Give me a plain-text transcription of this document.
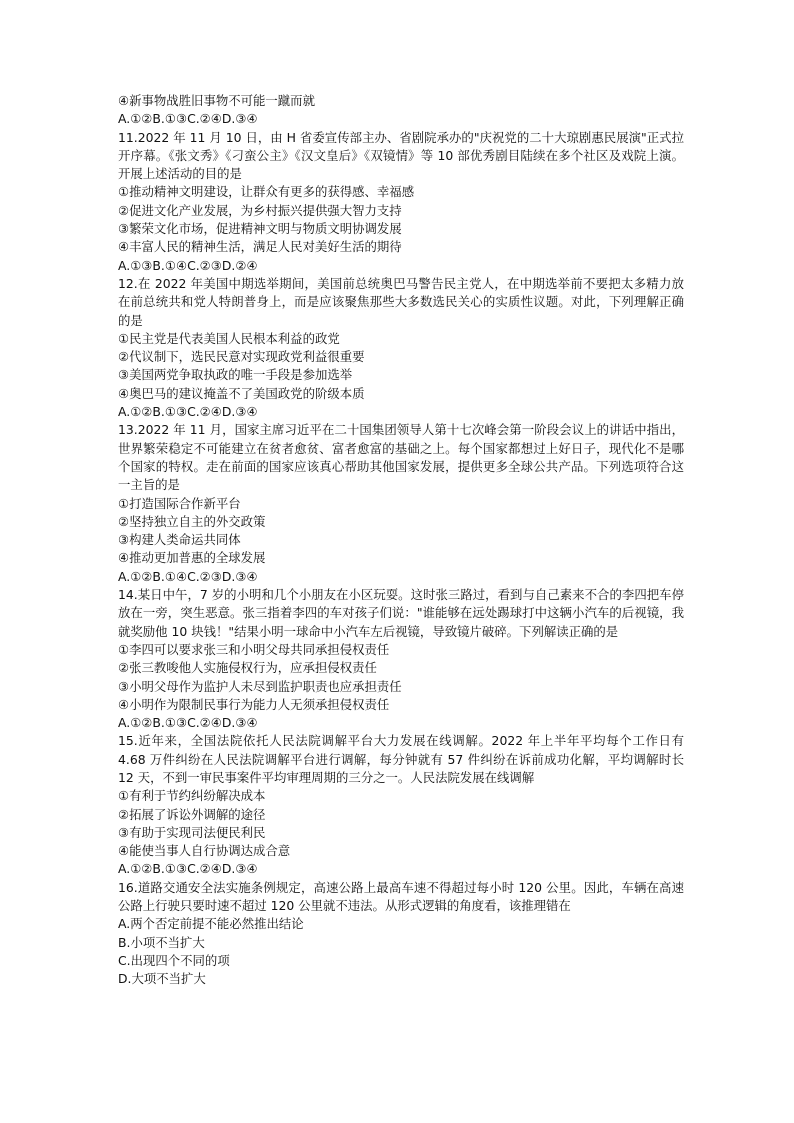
④新事物战胜旧事物不可能一蹴而就
A.①②B.①③C.②④D.③④
11.2022 年 11 月 10 日，由 H 省委宣传部主办、省剧院承办的"庆祝党的二十大琼剧惠民展演"正式拉开序幕。《张文秀》《刁蛮公主》《汉文皇后》《双镜情》等 10 部优秀剧目陆续在多个社区及戏院上演。开展上述活动的目的是
①推动精神文明建设，让群众有更多的获得感、幸福感
②促进文化产业发展，为乡村振兴提供强大智力支持
③繁荣文化市场，促进精神文明与物质文明协调发展
④丰富人民的精神生活，满足人民对美好生活的期待
A.①③B.①④C.②③D.②④
12.在 2022 年美国中期选举期间，美国前总统奥巴马警告民主党人，在中期选举前不要把太多精力放在前总统共和党人特朗普身上，而是应该聚焦那些大多数选民关心的实质性议题。对此，下列理解正确的是
①民主党是代表美国人民根本利益的政党
②代议制下，选民民意对实现政党利益很重要
③美国两党争取执政的唯一手段是参加选举
④奥巴马的建议掩盖不了美国政党的阶级本质
A.①②B.①③C.②④D.③④
13.2022 年 11 月，国家主席习近平在二十国集团领导人第十七次峰会第一阶段会议上的讲话中指出，世界繁荣稳定不可能建立在贫者愈贫、富者愈富的基础之上。每个国家都想过上好日子，现代化不是哪个国家的特权。走在前面的国家应该真心帮助其他国家发展，提供更多全球公共产品。下列选项符合这一主旨的是
①打造国际合作新平台
②坚持独立自主的外交政策
③构建人类命运共同体
④推动更加普惠的全球发展
A.①②B.①④C.②③D.③④
14.某日中午，7 岁的小明和几个小朋友在小区玩耍。这时张三路过，看到与自己素来不合的李四把车停放在一旁，突生恶意。张三指着李四的车对孩子们说："谁能够在远处踢球打中这辆小汽车的后视镜，我就奖励他 10 块钱！"结果小明一球命中小汽车左后视镜，导致镜片破碎。下列解读正确的是
①李四可以要求张三和小明父母共同承担侵权责任
②张三教唆他人实施侵权行为，应承担侵权责任
③小明父母作为监护人未尽到监护职责也应承担责任
④小明作为限制民事行为能力人无须承担侵权责任
A.①②B.①③C.②④D.③④
15.近年来，全国法院依托人民法院调解平台大力发展在线调解。2022 年上半年平均每个工作日有 4.68 万件纠纷在人民法院调解平台进行调解，每分钟就有 57 件纠纷在诉前成功化解，平均调解时长 12 天，不到一审民事案件平均审理周期的三分之一。人民法院发展在线调解
①有利于节约纠纷解决成本
②拓展了诉讼外调解的途径
③有助于实现司法便民利民
④能使当事人自行协调达成合意
A.①②B.①③C.②④D.③④
16.道路交通安全法实施条例规定，高速公路上最高车速不得超过每小时 120 公里。因此，车辆在高速公路上行驶只要时速不超过 120 公里就不违法。从形式逻辑的角度看，该推理错在
A.两个否定前提不能必然推出结论
B.小项不当扩大
C.出现四个不同的项
D.大项不当扩大
